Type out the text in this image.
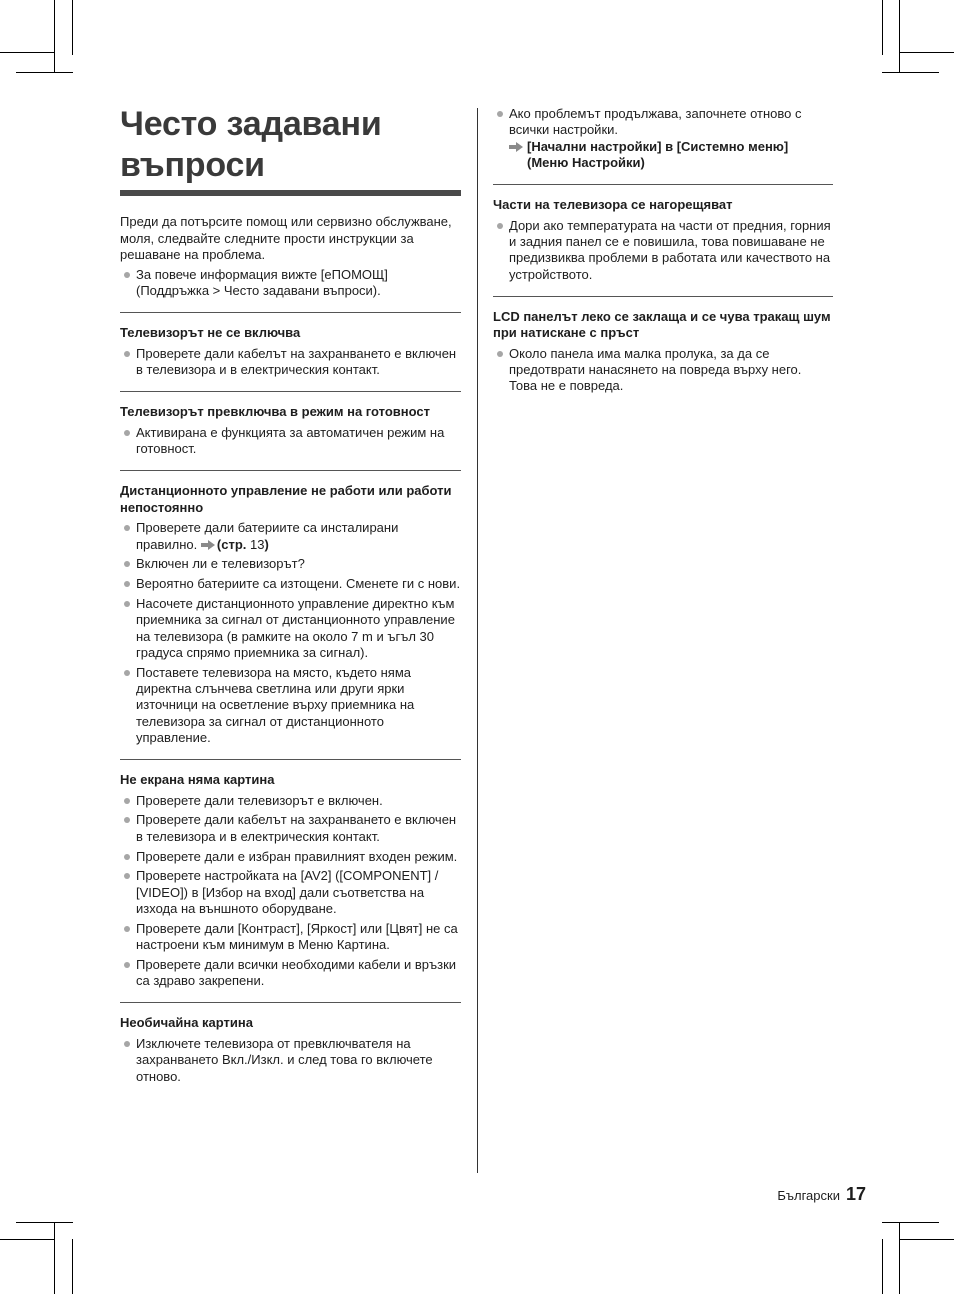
Често задавани
въпроси

Преди да потърсите помощ или сервизно обслужване, моля, следвайте следните прости инструкции за решаване на проблема.

За повече информация вижте [еПОМОЩ] (Поддръжка > Често задавани въпроси).
Телевизорът не се включва
Проверете дали кабелът на захранването е включен в телевизора и в електрическия контакт.
Телевизорът превключва в режим на готовност
Активирана е функцията за автоматичен режим на готовност.
Дистанционното управление не работи или работи непостоянно
Проверете дали батериите са инсталирани правилно. (стр. 13)
Включен ли е телевизорът?
Вероятно батериите са изтощени. Сменете ги с нови.
Насочете дистанционното управление директно към приемника за сигнал от дистанционното управление на телевизора (в рамките на около 7 m и ъгъл 30 градуса спрямо приемника за сигнал).
Поставете телевизора на място, където няма директна слънчева светлина или други ярки източници на осветление върху приемника на телевизора за сигнал от дистанционното управление.
Не екрана няма картина
Проверете дали телевизорът е включен.
Проверете дали кабелът на захранването е включен в телевизора и в електрическия контакт.
Проверете дали е избран правилният входен режим.
Проверете настройката на [AV2] ([COMPONENT] / [VIDEO]) в [Избор на вход] дали съответства на изхода на външното оборудване.
Проверете дали [Контраст], [Яркост] или [Цвят] не са настроени към минимум в Меню Картина.
Проверете дали всички необходими кабели и връзки са здраво закрепени.
Необичайна картина
Изключете телевизора от превключвателя на захранването Вкл./Изкл. и след това го включете отново.
Ако проблемът продължава, започнете отново с всички настройки.
[Начални настройки] в [Системно меню] (Меню Настройки)
Части на телевизора се нагорещяват
Дори ако температурата на части от предния, горния и задния панел се е повишила, това повишаване не предизвиква проблеми в работата или качеството на устройството.
LCD панелът леко се заклаща и се чува тракащ шум при натискане с пръст
Около панела има малка пролука, за да се предотврати нанасянето на повреда върху него. Това не е повреда.
Български 17
